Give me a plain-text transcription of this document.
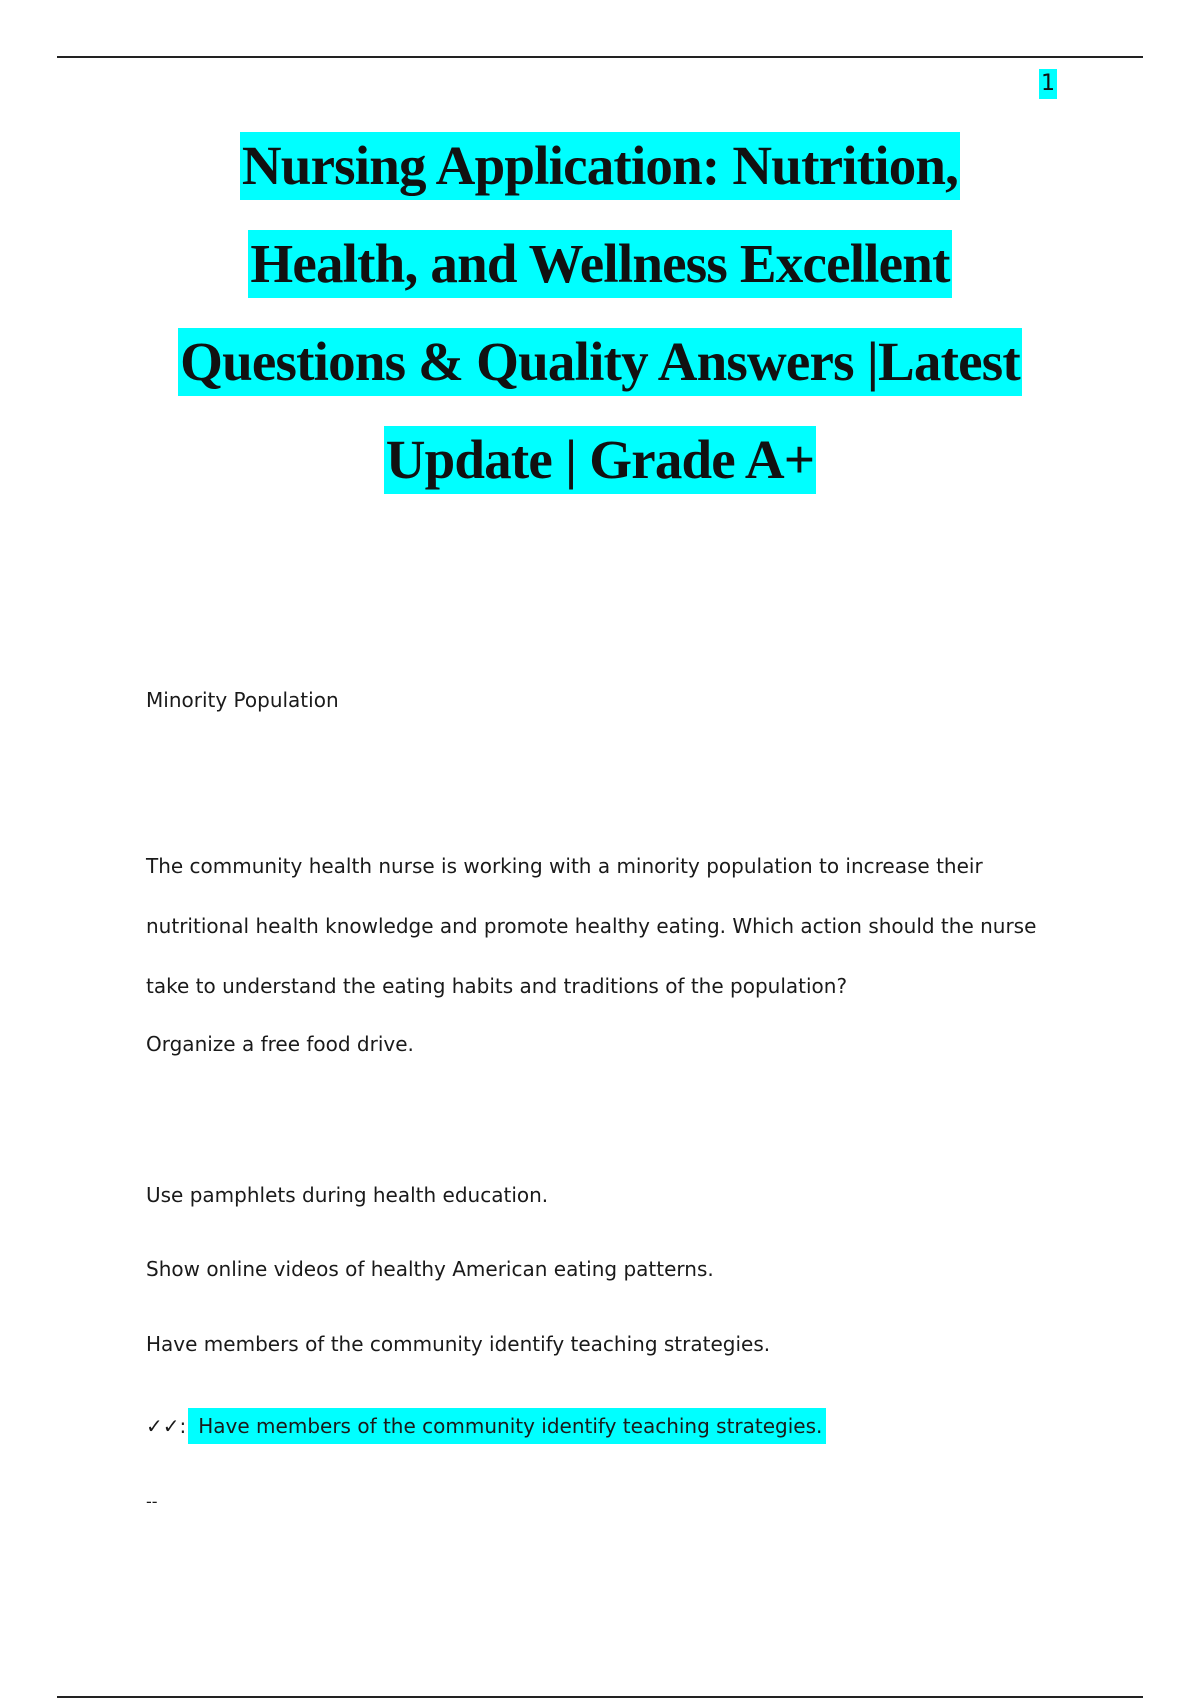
1
Nursing Application: Nutrition,
Health, and Wellness Excellent
Questions & Quality Answers |Latest
Update | Grade A+

Minority Population

The community health nurse is working with a minority population to increase their
nutritional health knowledge and promote healthy eating. Which action should the nurse
take to understand the eating habits and traditions of the population?

Organize a free food drive.

Use pamphlets during health education.

Show online videos of healthy American eating patterns.

Have members of the community identify teaching strategies.

✓✓: Have members of the community identify teaching strategies.

--
